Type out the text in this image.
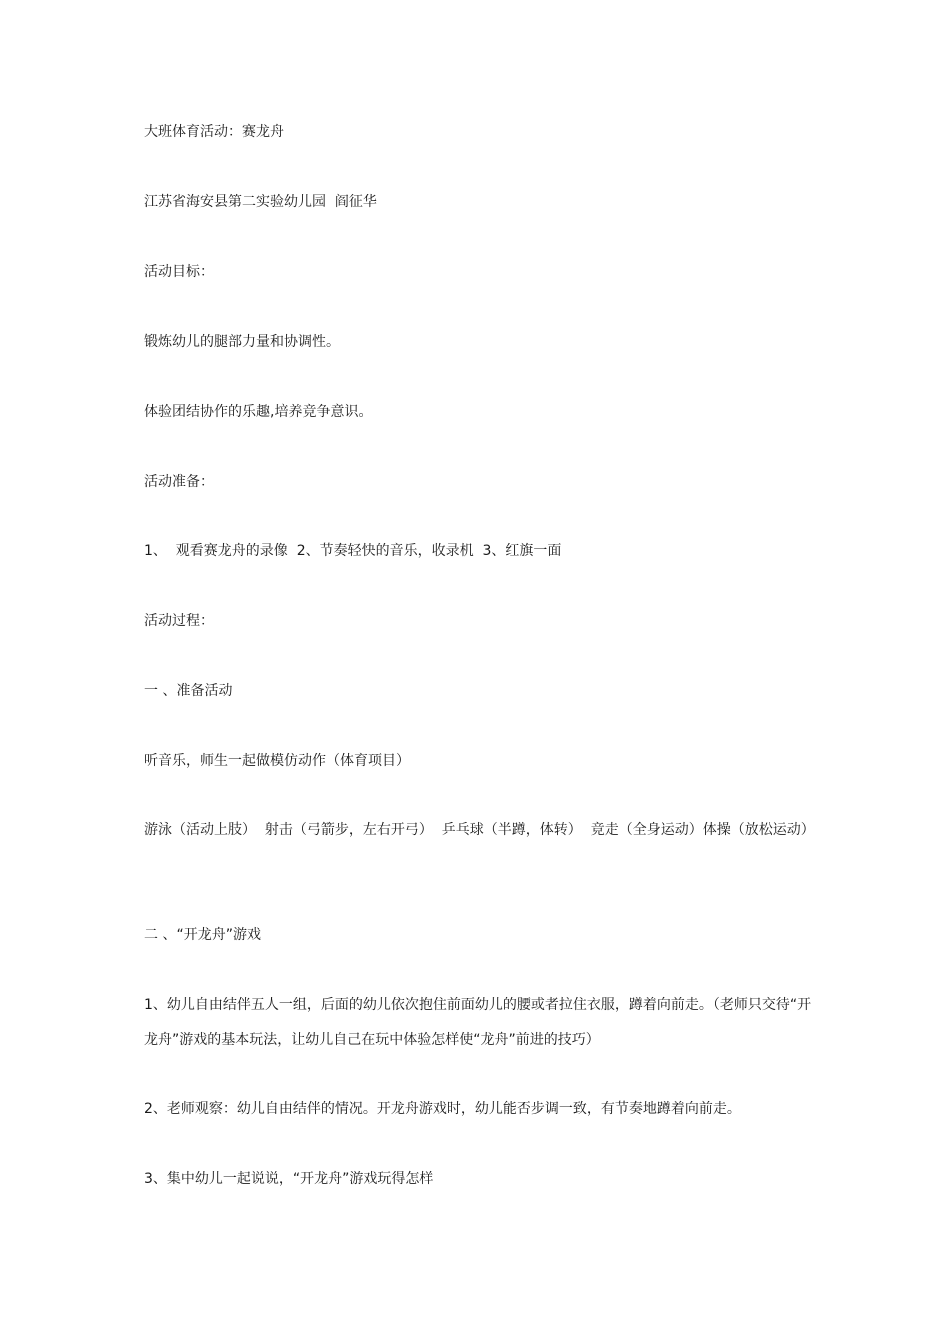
大班体育活动：赛龙舟

江苏省海安县第二实验幼儿园  阎征华

活动目标：

锻炼幼儿的腿部力量和协调性。

体验团结协作的乐趣,培养竞争意识。

活动准备：

1、  观看赛龙舟的录像  2、节奏轻快的音乐，收录机  3、红旗一面

活动过程：

一 、准备活动

听音乐，师生一起做模仿动作（体育项目）

游泳（活动上肢）  射击（弓箭步，左右开弓）  乒乓球（半蹲，体转）  竞走（全身运动）体操（放松运动）

二 、“开龙舟”游戏

1、幼儿自由结伴五人一组，后面的幼儿依次抱住前面幼儿的腰或者拉住衣服，蹲着向前走。（老师只交待“开龙舟”游戏的基本玩法，让幼儿自己在玩中体验怎样使“龙舟”前进的技巧）

2、老师观察：幼儿自由结伴的情况。开龙舟游戏时，幼儿能否步调一致，有节奏地蹲着向前走。

3、集中幼儿一起说说，“开龙舟”游戏玩得怎样
